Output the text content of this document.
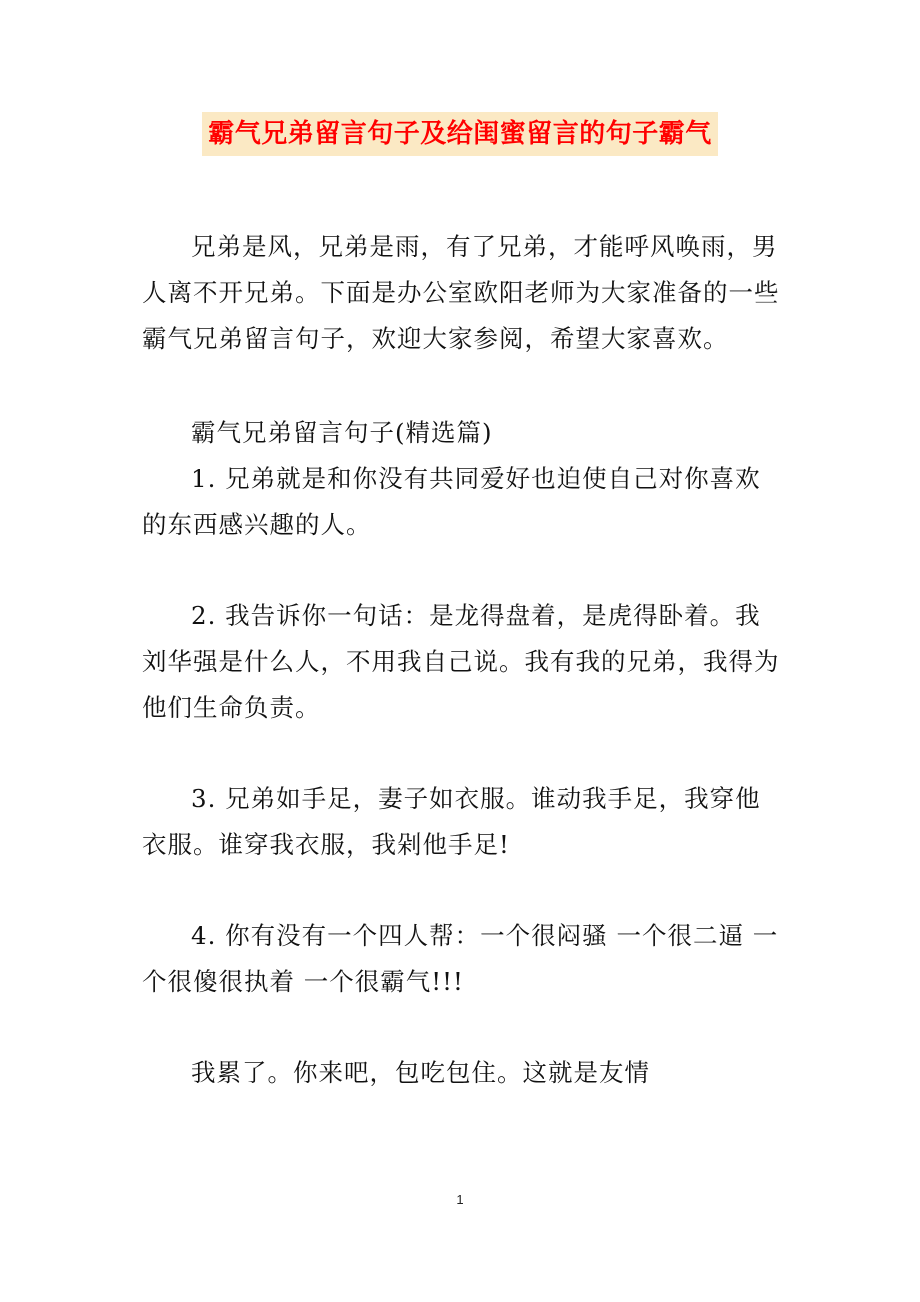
霸气兄弟留言句子及给闺蜜留言的句子霸气

兄弟是风，兄弟是雨，有了兄弟，才能呼风唤雨，男人离不开兄弟。下面是办公室欧阳老师为大家准备的一些霸气兄弟留言句子，欢迎大家参阅，希望大家喜欢。

霸气兄弟留言句子(精选篇)

1. 兄弟就是和你没有共同爱好也迫使自己对你喜欢的东西感兴趣的人。

2. 我告诉你一句话：是龙得盘着，是虎得卧着。我刘华强是什么人，不用我自己说。我有我的兄弟，我得为他们生命负责。

3. 兄弟如手足，妻子如衣服。谁动我手足，我穿他衣服。谁穿我衣服，我剁他手足!

4. 你有没有一个四人帮：一个很闷骚 一个很二逼 一个很傻很执着 一个很霸气!!!

我累了。你来吧，包吃包住。这就是友情

1
